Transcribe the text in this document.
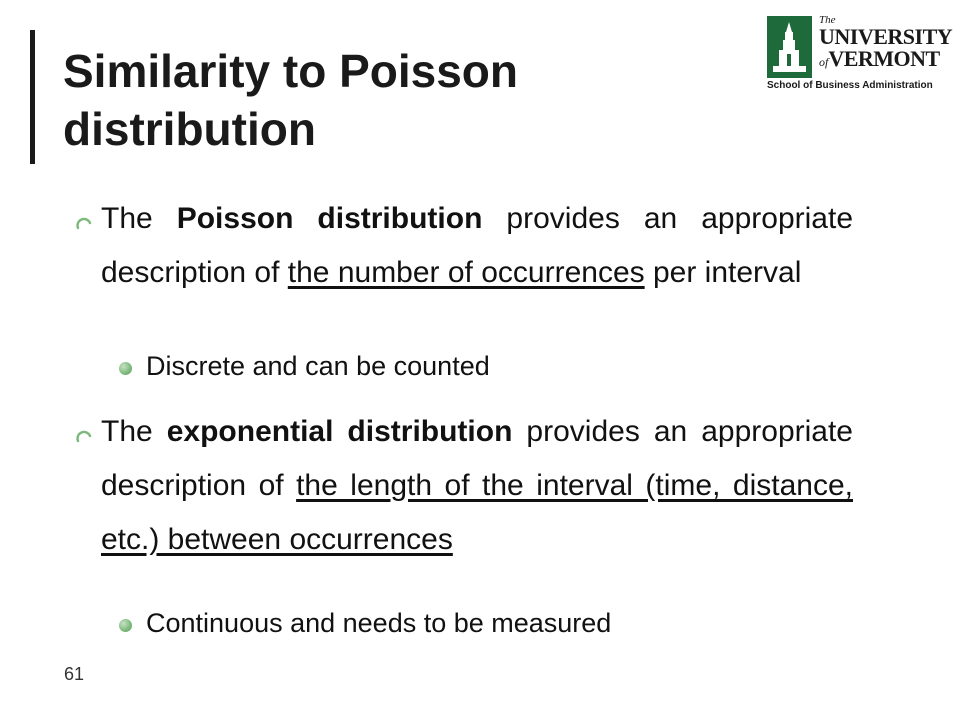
Similarity to Poisson distribution
The
UNIVERSITY
ofVERMONT
School of Business Administration
The Poisson distribution provides an appropriate description of the number of occurrences per interval
Discrete and can be counted
The exponential distribution provides an appropriate description of the length of the interval (time, distance, etc.) between occurrences
Continuous and needs to be measured
61
